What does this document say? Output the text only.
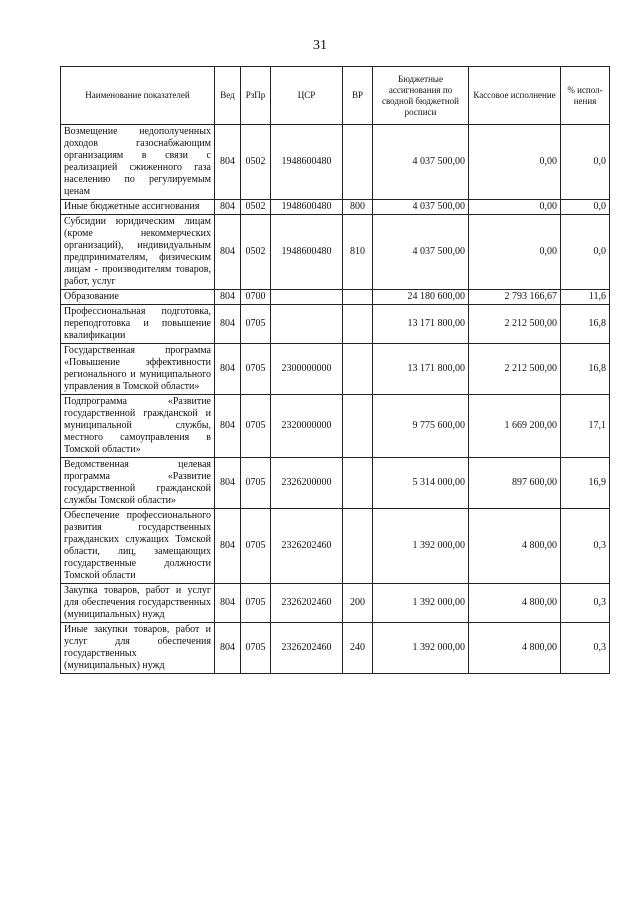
31
Наименование показателей	Вед	РзПр	ЦСР	ВР	Бюджетные ассигнования по сводной бюджетной росписи	Кассовое исполнение	% испол-нения
Возмещение недополученных доходов газоснабжающим организациям в связи с реализацией сжиженного газа населению по регулируемым ценам	804	0502	1948600480		4 037 500,00	0,00	0,0
Иные бюджетные ассигнования	804	0502	1948600480	800	4 037 500,00	0,00	0,0
Субсидии юридическим лицам (кроме некоммерческих организаций), индивидуальным предпринимателям, физическим лицам - производителям товаров, работ, услуг	804	0502	1948600480	810	4 037 500,00	0,00	0,0
Образование	804	0700			24 180 600,00	2 793 166,67	11,6
Профессиональная подготовка, переподготовка и повышение квалификации	804	0705			13 171 800,00	2 212 500,00	16,8
Государственная программа «Повышение эффективности регионального и муниципального управления в Томской области»	804	0705	2300000000		13 171 800,00	2 212 500,00	16,8
Подпрограмма «Развитие государственной гражданской и муниципальной службы, местного самоуправления в Томской области»	804	0705	2320000000		9 775 600,00	1 669 200,00	17,1
Ведомственная целевая программа «Развитие государственной гражданской службы Томской области»	804	0705	2326200000		5 314 000,00	897 600,00	16,9
Обеспечение профессионального развития государственных гражданских служащих Томской области, лиц, замещающих государственные должности Томской области	804	0705	2326202460		1 392 000,00	4 800,00	0,3
Закупка товаров, работ и услуг для обеспечения государственных (муниципальных) нужд	804	0705	2326202460	200	1 392 000,00	4 800,00	0,3
Иные закупки товаров, работ и услуг для обеспечения государственных (муниципальных) нужд	804	0705	2326202460	240	1 392 000,00	4 800,00	0,3
